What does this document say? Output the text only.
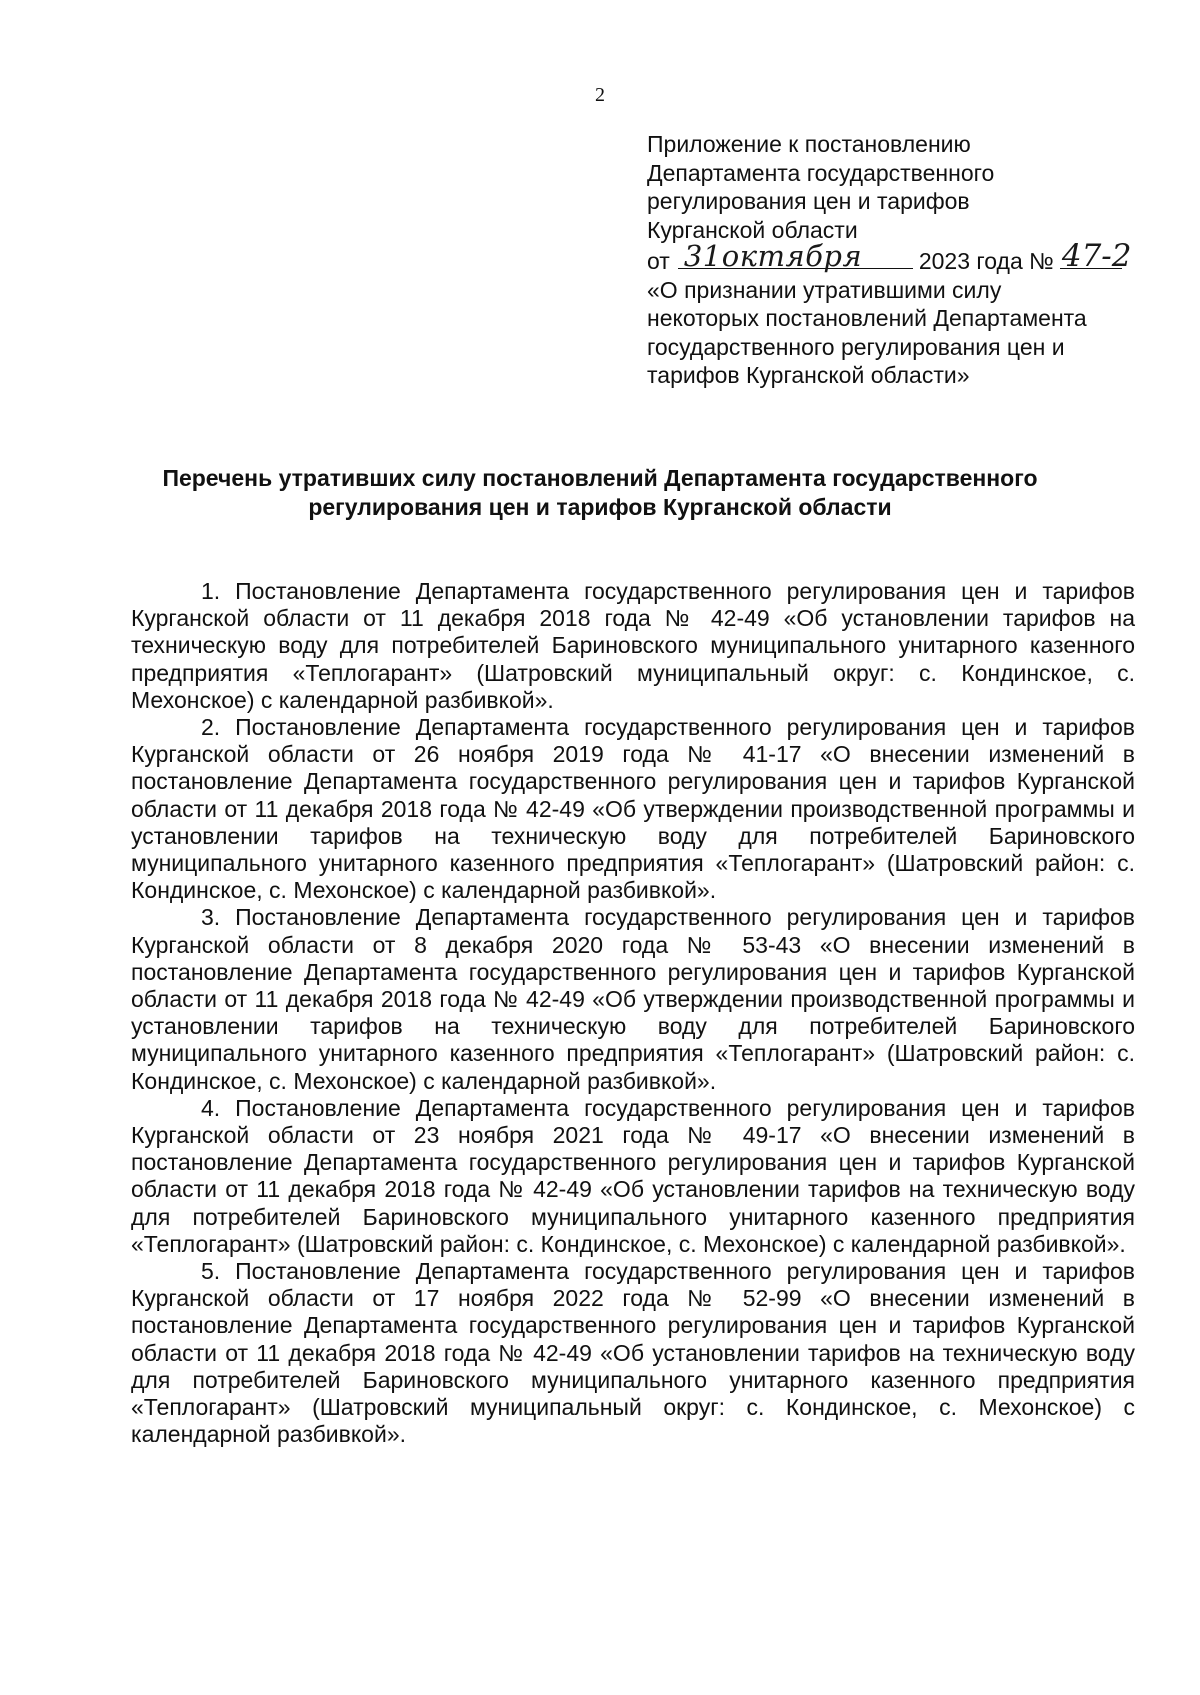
2
Приложение к постановлению
Департамента государственного
регулирования цен и тарифов
Курганской области
от 31октября 2023 года № 47-2
«О признании утратившими силу
некоторых постановлений Департамента
государственного регулирования цен и
тарифов Курганской области»
Перечень утративших силу постановлений Департамента государственного
регулирования цен и тарифов Курганской области

1. Постановление Департамента государственного регулирования цен и тарифов Курганской области от 11 декабря 2018 года № 42-49 «Об установлении тарифов на техническую воду для потребителей Бариновского муниципального унитарного казенного предприятия «Теплогарант» (Шатровский муниципальный округ: с. Кондинское, с. Мехонское) с календарной разбивкой».

2. Постановление Департамента государственного регулирования цен и тарифов Курганской области от 26 ноября 2019 года № 41-17 «О внесении изменений в постановление Департамента государственного регулирования цен и тарифов Курганской области от 11 декабря 2018 года № 42-49 «Об утверждении производственной программы и установлении тарифов на техническую воду для потребителей Бариновского муниципального унитарного казенного предприятия «Теплогарант» (Шатровский район: с. Кондинское, с. Мехонское) с календарной разбивкой».

3. Постановление Департамента государственного регулирования цен и тарифов Курганской области от 8 декабря 2020 года № 53-43 «О внесении изменений в постановление Департамента государственного регулирования цен и тарифов Курганской области от 11 декабря 2018 года № 42-49 «Об утверждении производственной программы и установлении тарифов на техническую воду для потребителей Бариновского муниципального унитарного казенного предприятия «Теплогарант» (Шатровский район: с. Кондинское, с. Мехонское) с календарной разбивкой».

4. Постановление Департамента государственного регулирования цен и тарифов Курганской области от 23 ноября 2021 года № 49-17 «О внесении изменений в постановление Департамента государственного регулирования цен и тарифов Курганской области от 11 декабря 2018 года № 42-49 «Об установлении тарифов на техническую воду для потребителей Бариновского муниципального унитарного казенного предприятия «Теплогарант» (Шатровский район: с. Кондинское, с. Мехонское) с календарной разбивкой».

5. Постановление Департамента государственного регулирования цен и тарифов Курганской области от 17 ноября 2022 года № 52-99 «О внесении изменений в постановление Департамента государственного регулирования цен и тарифов Курганской области от 11 декабря 2018 года № 42-49 «Об установлении тарифов на техническую воду для потребителей Бариновского муниципального унитарного казенного предприятия «Теплогарант» (Шатровский муниципальный округ: с. Кондинское, с. Мехонское) с календарной разбивкой».
